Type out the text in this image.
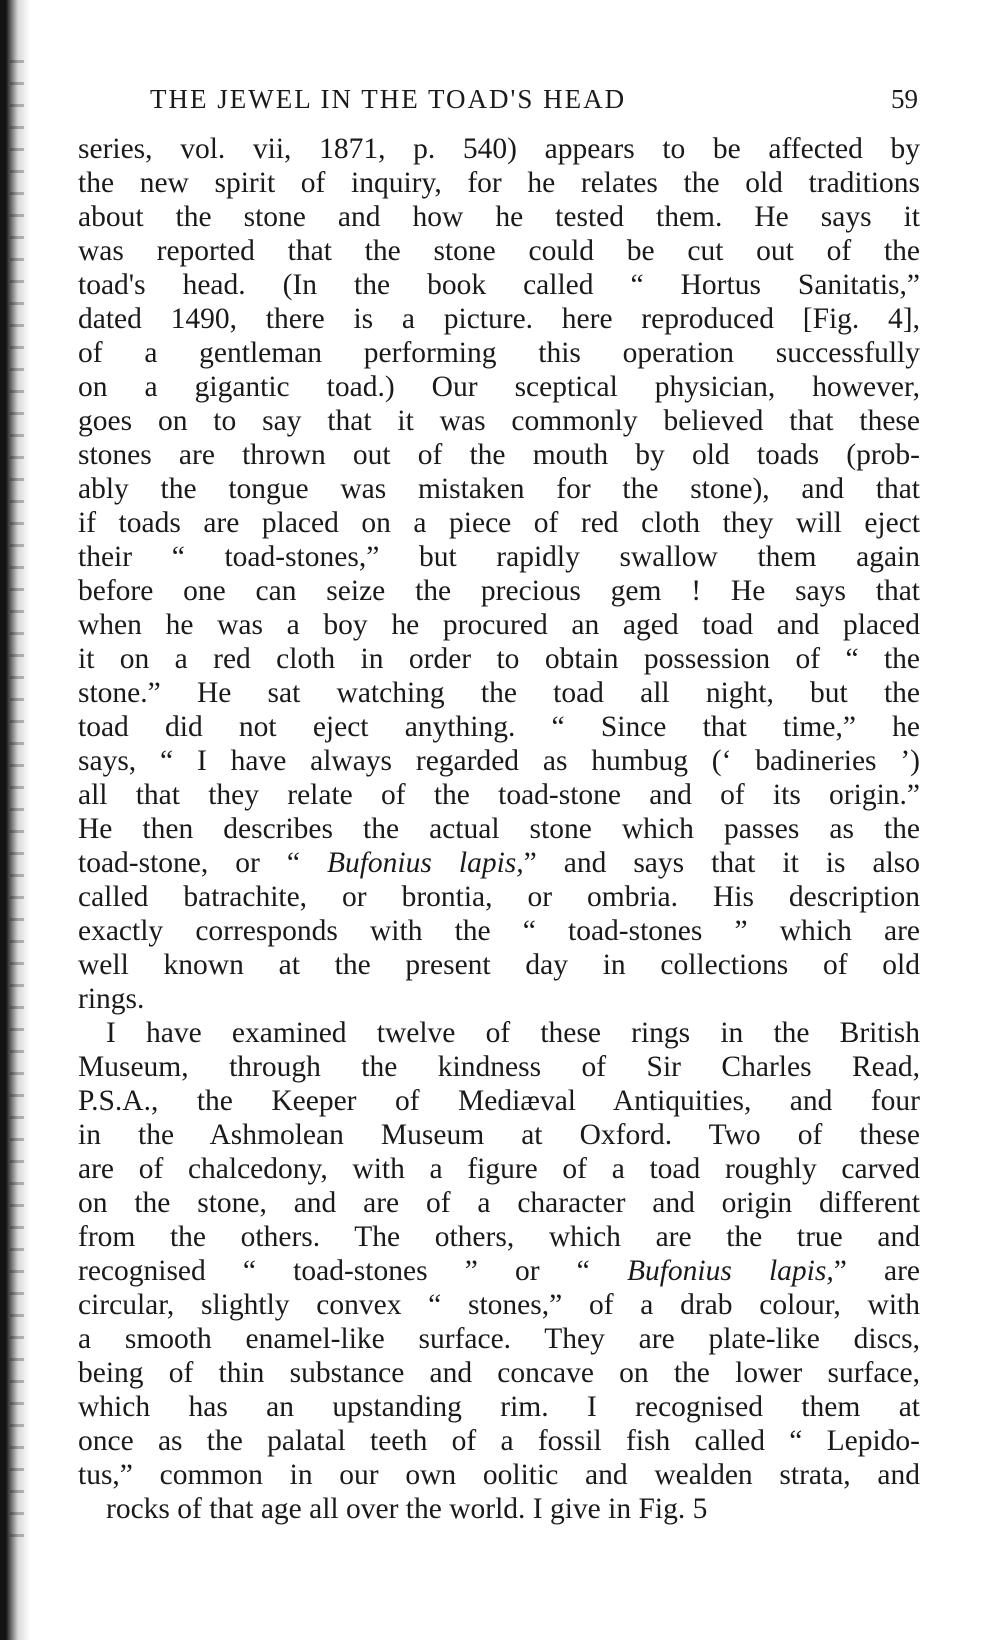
THE JEWEL IN THE TOAD'S HEAD	59
series, vol. vii, 1871, p. 540) appears to be affected by
the new spirit of inquiry, for he relates the old traditions
about the stone and how he tested them. He says it
was reported that the stone could be cut out of the
toad's head. (In the book called “ Hortus Sanitatis,”
dated 1490, there is a picture. here reproduced [Fig. 4],
of a gentleman performing this operation successfully
on a gigantic toad.) Our sceptical physician, however,
goes on to say that it was commonly believed that these
stones are thrown out of the mouth by old toads (prob-
ably the tongue was mistaken for the stone), and that
if toads are placed on a piece of red cloth they will eject
their “ toad-stones,” but rapidly swallow them again
before one can seize the precious gem ! He says that
when he was a boy he procured an aged toad and placed
it on a red cloth in order to obtain possession of “ the
stone.” He sat watching the toad all night, but the
toad did not eject anything. “ Since that time,” he
says, “ I have always regarded as humbug (‘ badineries ’)
all that they relate of the toad-stone and of its origin.”
He then describes the actual stone which passes as the
toad-stone, or “ Bufonius lapis,” and says that it is also
called batrachite, or brontia, or ombria. His description
exactly corresponds with the “ toad-stones ” which are
well known at the present day in collections of old
rings.
I have examined twelve of these rings in the British
Museum, through the kindness of Sir Charles Read,
P.S.A., the Keeper of Mediæval Antiquities, and four
in the Ashmolean Museum at Oxford. Two of these
are of chalcedony, with a figure of a toad roughly carved
on the stone, and are of a character and origin different
from the others. The others, which are the true and
recognised “ toad-stones ” or “ Bufonius lapis,” are
circular, slightly convex “ stones,” of a drab colour, with
a smooth enamel-like surface. They are plate-like discs,
being of thin substance and concave on the lower surface,
which has an upstanding rim. I recognised them at
once as the palatal teeth of a fossil fish called “ Lepido-
tus,” common in our own oolitic and wealden strata, and
rocks of that age all over the world. I give in Fig. 5
